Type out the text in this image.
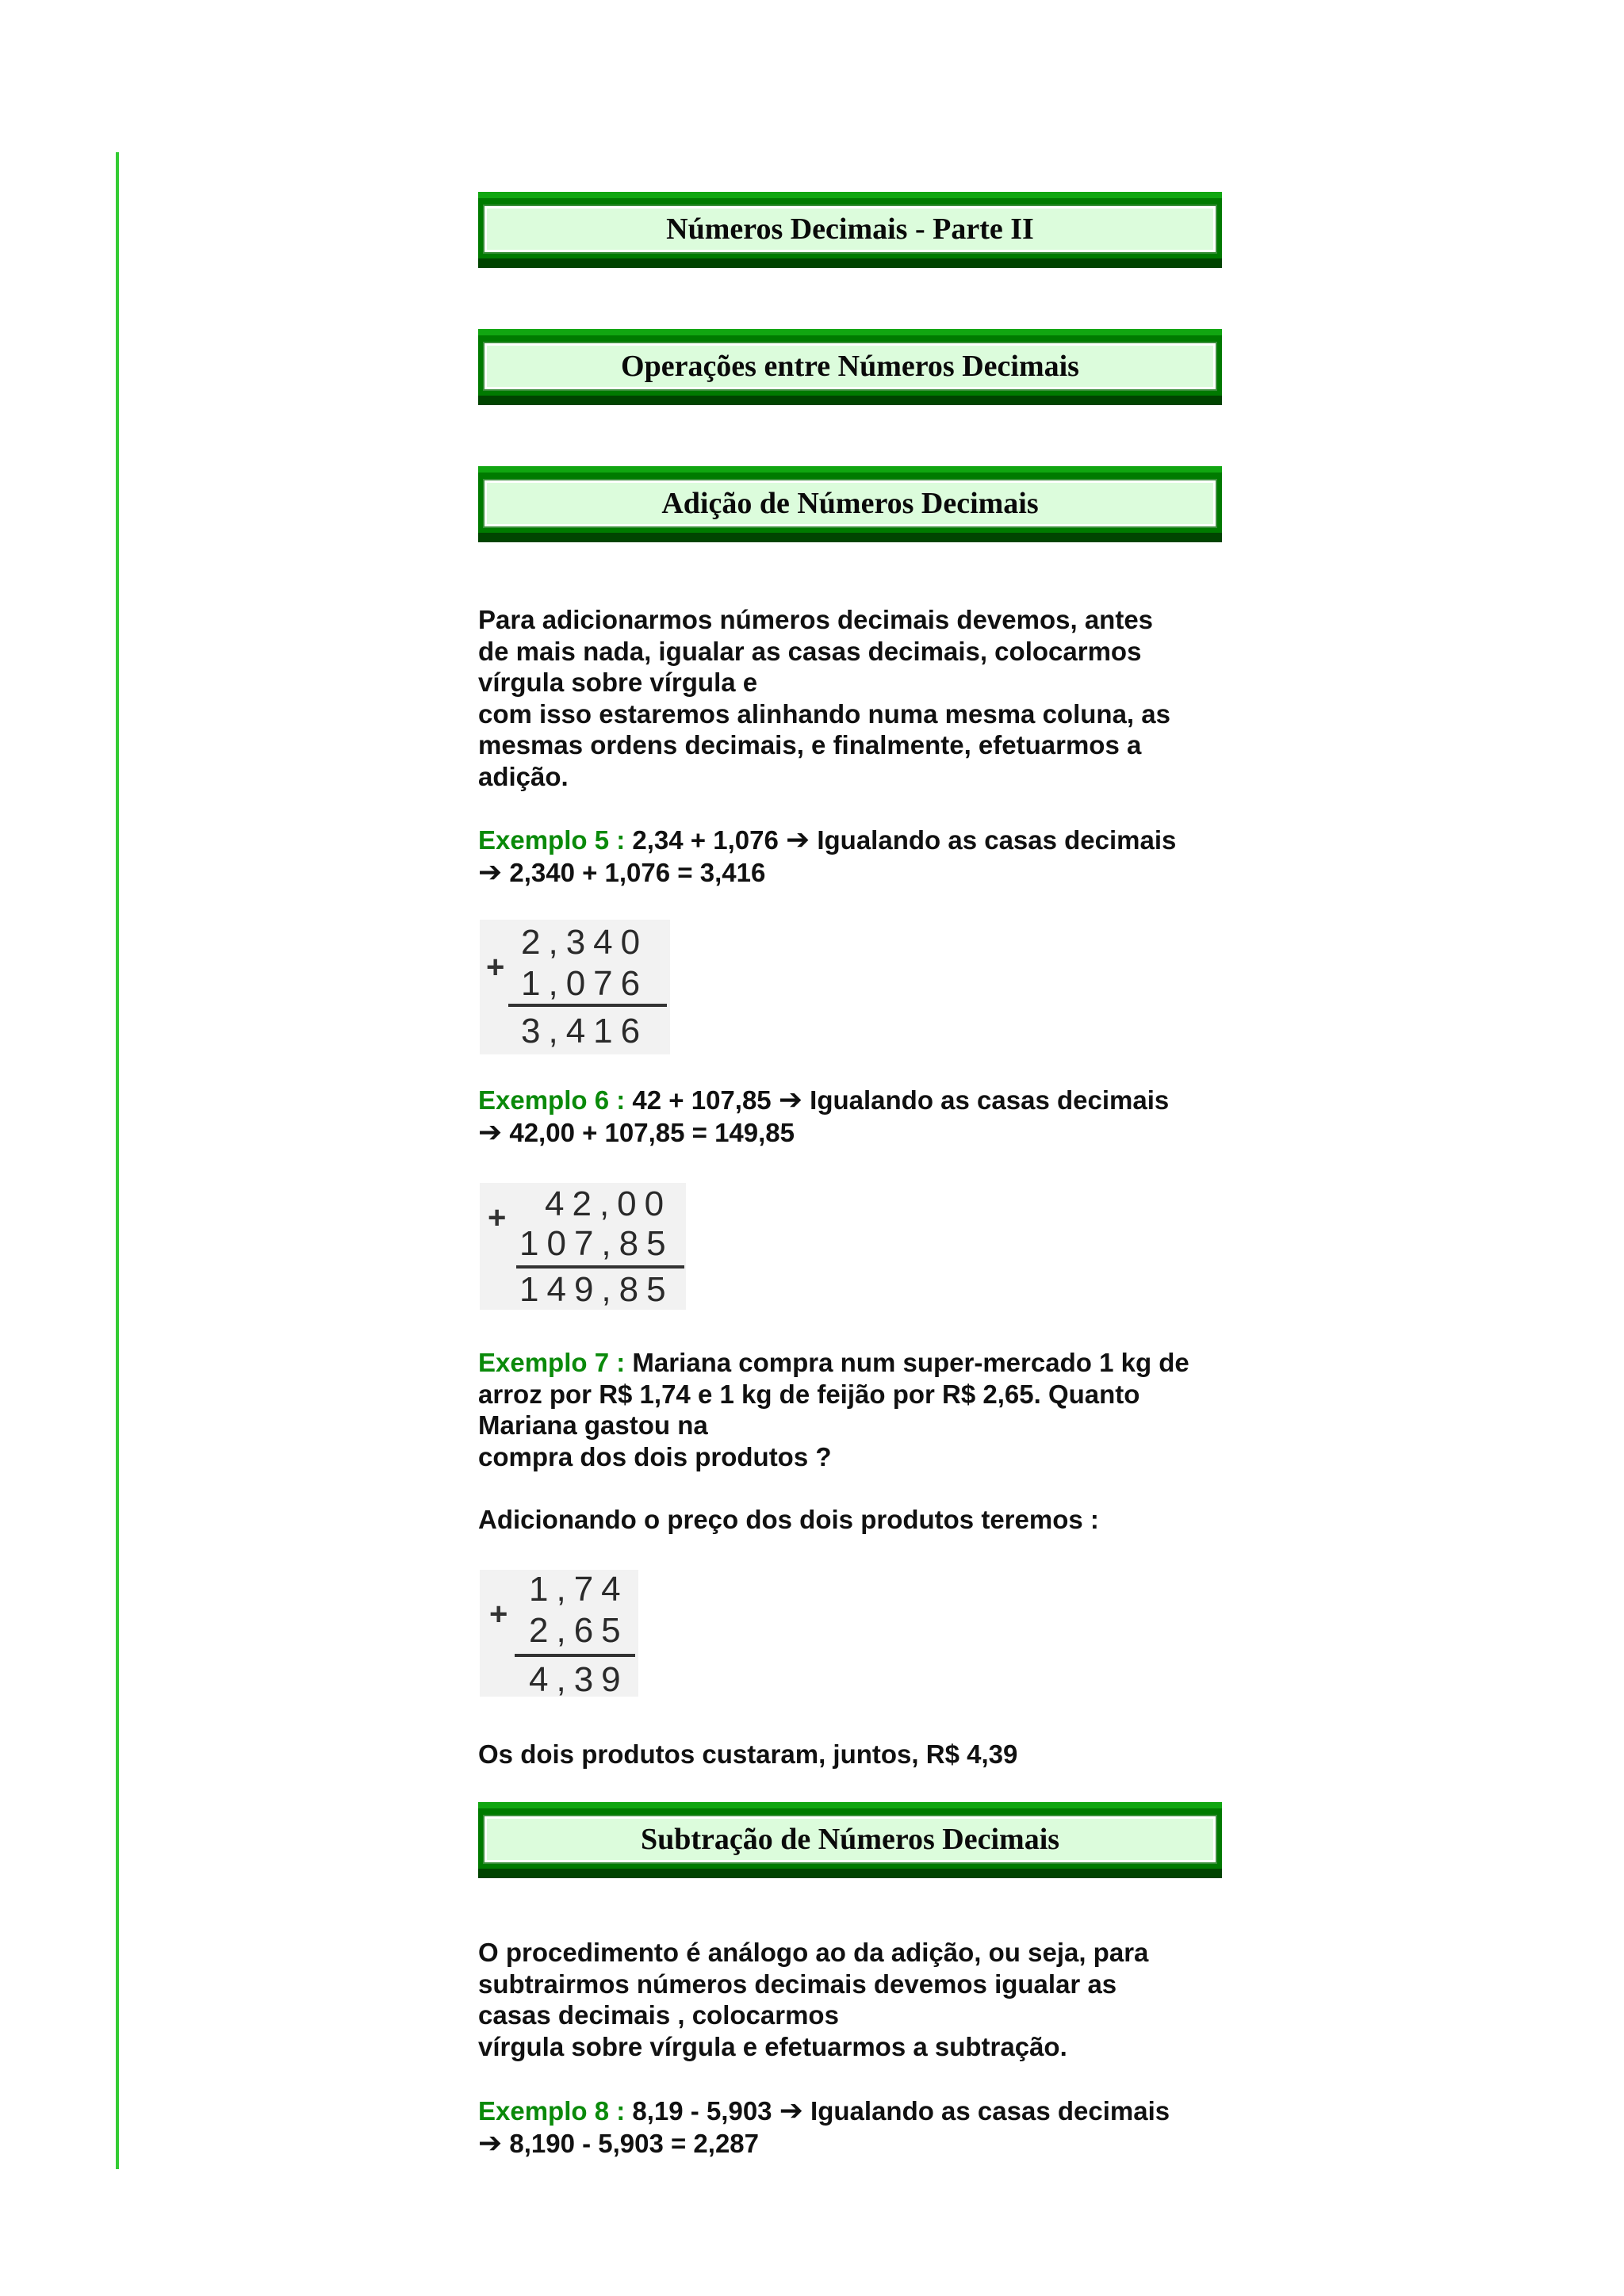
Números Decimais - Parte II
Operações entre Números Decimais
Adição de Números Decimais

Para adicionarmos números decimais devemos, antes

de mais nada, igualar as casas decimais, colocarmos

vírgula sobre vírgula e

com isso estaremos alinhando numa mesma coluna, as

mesmas ordens decimais, e finalmente, efetuarmos a

adição.

Exemplo 5 : 2,34 + 1,076 ➔ Igualando as casas decimais

➔ 2,340 + 1,076 = 3,416

+
2,340
1,076
3,416

Exemplo 6 : 42 + 107,85 ➔ Igualando as casas decimais

➔ 42,00 + 107,85 = 149,85

+ 42,00
107,85
149,85

Exemplo 7 : Mariana compra num super-mercado 1 kg de

arroz por R$ 1,74 e 1 kg de feijão por R$ 2,65. Quanto

Mariana gastou na

compra dos dois produtos ?

Adicionando o preço dos dois produtos teremos :
+
1,74
2,65
4,39
Os dois produtos custaram, juntos, R$ 4,39
Subtração de Números Decimais

O procedimento é análogo ao da adição, ou seja, para

subtrairmos números decimais devemos igualar as

casas decimais , colocarmos

vírgula sobre vírgula e efetuarmos a subtração.

Exemplo 8 : 8,19 - 5,903 ➔ Igualando as casas decimais

➔ 8,190 - 5,903 = 2,287
